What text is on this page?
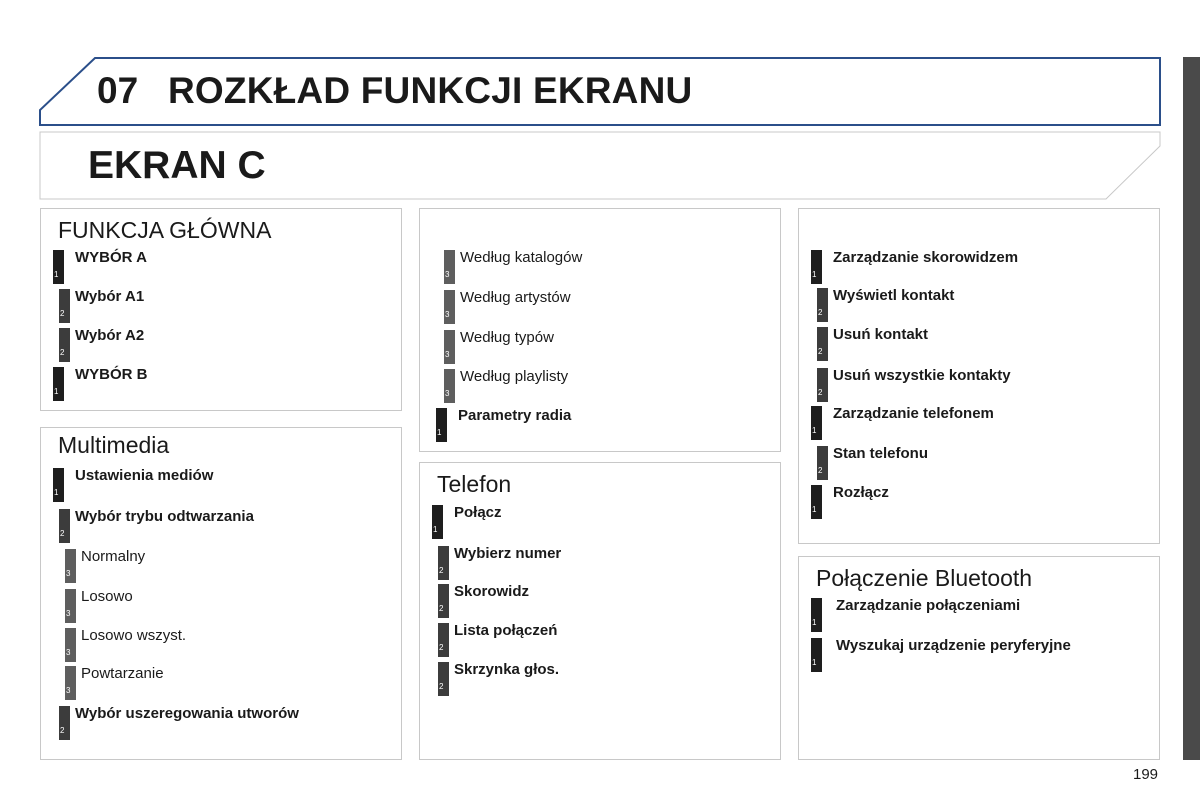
07 ROZKŁAD FUNKCJI EKRANU
EKRAN C
FUNKCJA GŁÓWNA
1
WYBÓR A
2
Wybór A1
2
Wybór A2
1
WYBÓR B
Multimedia
1
Ustawienia mediów
2
Wybór trybu odtwarzania
3
Normalny
3
Losowo
3
Losowo wszyst.
3
Powtarzanie
2
Wybór uszeregowania utworów
3
Według katalogów
3
Według artystów
3
Według typów
3
Według playlisty
1
Parametry radia
Telefon
1
Połącz
2
Wybierz numer
2
Skorowidz
2
Lista połączeń
2
Skrzynka głos.
1
Zarządzanie skorowidzem
2
Wyświetl kontakt
2
Usuń kontakt
2
Usuń wszystkie kontakty
1
Zarządzanie telefonem
2
Stan telefonu
1
Rozłącz
Połączenie Bluetooth
1
Zarządzanie połączeniami
1
Wyszukaj urządzenie peryferyjne
199
